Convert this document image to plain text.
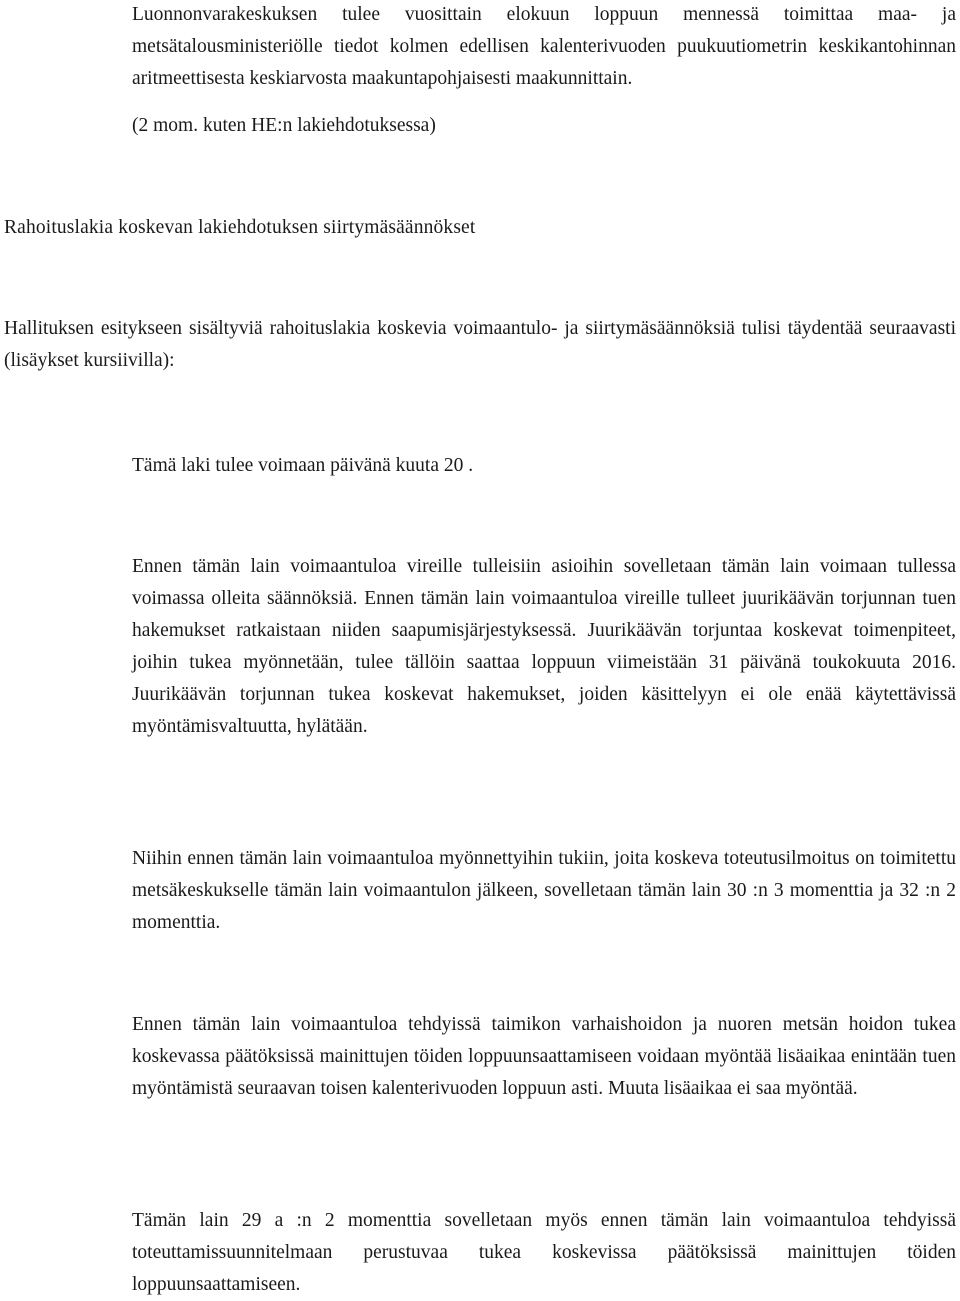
Luonnonvarakeskuksen tulee vuosittain elokuun loppuun mennessä toimittaa maa- ja metsätalousministeriölle tiedot kolmen edellisen kalenterivuoden puukuutiometrin keskikantohinnan aritmeettisesta keskiarvosta maakuntapohjaisesti maakunnittain.

(2 mom. kuten HE:n lakiehdotuksessa)

Rahoituslakia koskevan lakiehdotuksen siirtymäsäännökset

Hallituksen esitykseen sisältyviä rahoituslakia koskevia voimaantulo- ja siirtymäsäännöksiä tulisi täydentää seuraavasti (lisäykset kursiivilla):

Tämä laki tulee voimaan päivänä kuuta 20 .

Ennen tämän lain voimaantuloa vireille tulleisiin asioihin sovelletaan tämän lain voimaan tullessa voimassa olleita säännöksiä. Ennen tämän lain voimaantuloa vireille tulleet juurikäävän torjunnan tuen hakemukset ratkaistaan niiden saapumisjärjestyksessä. Juurikäävän torjuntaa koskevat toimenpiteet, joihin tukea myönnetään, tulee tällöin saattaa loppuun viimeistään 31 päivänä toukokuuta 2016. Juurikäävän torjunnan tukea koskevat hakemukset, joiden käsittelyyn ei ole enää käytettävissä myöntämisvaltuutta, hylätään.

Niihin ennen tämän lain voimaantuloa myönnettyihin tukiin, joita koskeva toteutusilmoitus on toimitettu metsäkeskukselle tämän lain voimaantulon jälkeen, sovelletaan tämän lain 30 :n 3 momenttia ja 32 :n 2 momenttia.

Ennen tämän lain voimaantuloa tehdyissä taimikon varhaishoidon ja nuoren metsän hoidon tukea koskevassa päätöksissä mainittujen töiden loppuunsaattamiseen voidaan myöntää lisäaikaa enintään tuen myöntämistä seuraavan toisen kalenterivuoden loppuun asti. Muuta lisäaikaa ei saa myöntää.

Tämän lain 29 a :n 2 momenttia sovelletaan myös ennen tämän lain voimaantuloa tehdyissä toteuttamissuunnitelmaan perustuvaa tukea koskevissa päätöksissä mainittujen töiden loppuunsaattamiseen.
